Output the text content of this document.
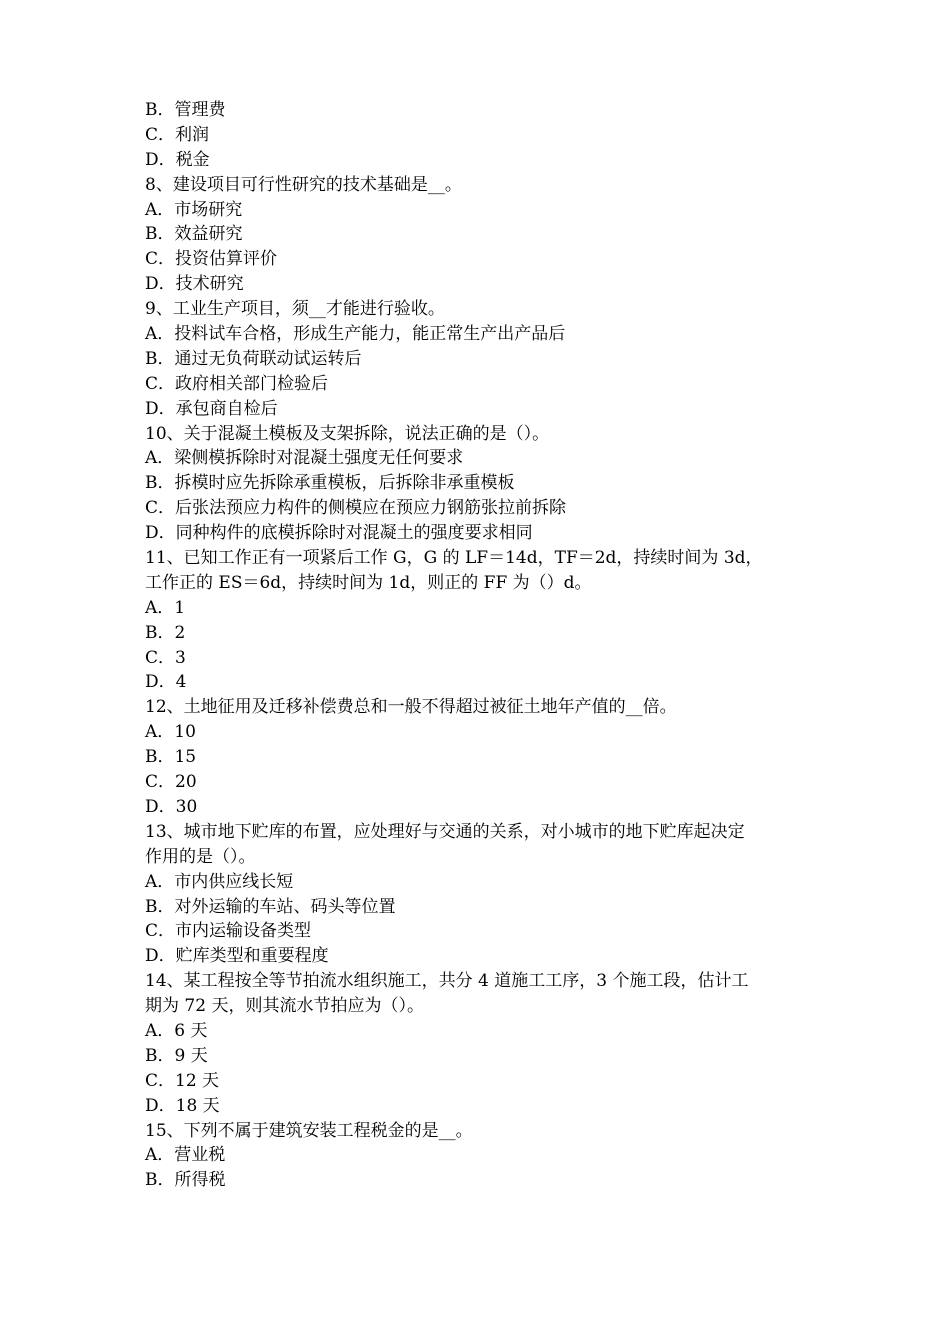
B．管理费
C．利润
D．税金
8、建设项目可行性研究的技术基础是__。
A．市场研究
B．效益研究
C．投资估算评价
D．技术研究
9、工业生产项目，须__才能进行验收。
A．投料试车合格，形成生产能力，能正常生产出产品后
B．通过无负荷联动试运转后
C．政府相关部门检验后
D．承包商自检后
10、关于混凝土模板及支架拆除，说法正确的是（）。
A．梁侧模拆除时对混凝土强度无任何要求
B．拆模时应先拆除承重模板，后拆除非承重模板
C．后张法预应力构件的侧模应在预应力钢筋张拉前拆除
D．同种构件的底模拆除时对混凝土的强度要求相同
11、已知工作正有一项紧后工作 G，G 的 LF＝14d，TF＝2d，持续时间为 3d，
工作正的 ES＝6d，持续时间为 1d，则正的 FF 为（）d。
A．1
B．2
C．3
D．4
12、土地征用及迁移补偿费总和一般不得超过被征土地年产值的__倍。
A．10
B．15
C．20
D．30
13、城市地下贮库的布置，应处理好与交通的关系，对小城市的地下贮库起决定
作用的是（）。
A．市内供应线长短
B．对外运输的车站、码头等位置
C．市内运输设备类型
D．贮库类型和重要程度
14、某工程按全等节拍流水组织施工，共分 4 道施工工序，3 个施工段，估计工
期为 72 天，则其流水节拍应为（）。
A．6 天
B．9 天
C．12 天
D．18 天
15、下列不属于建筑安装工程税金的是__。
A．营业税
B．所得税
